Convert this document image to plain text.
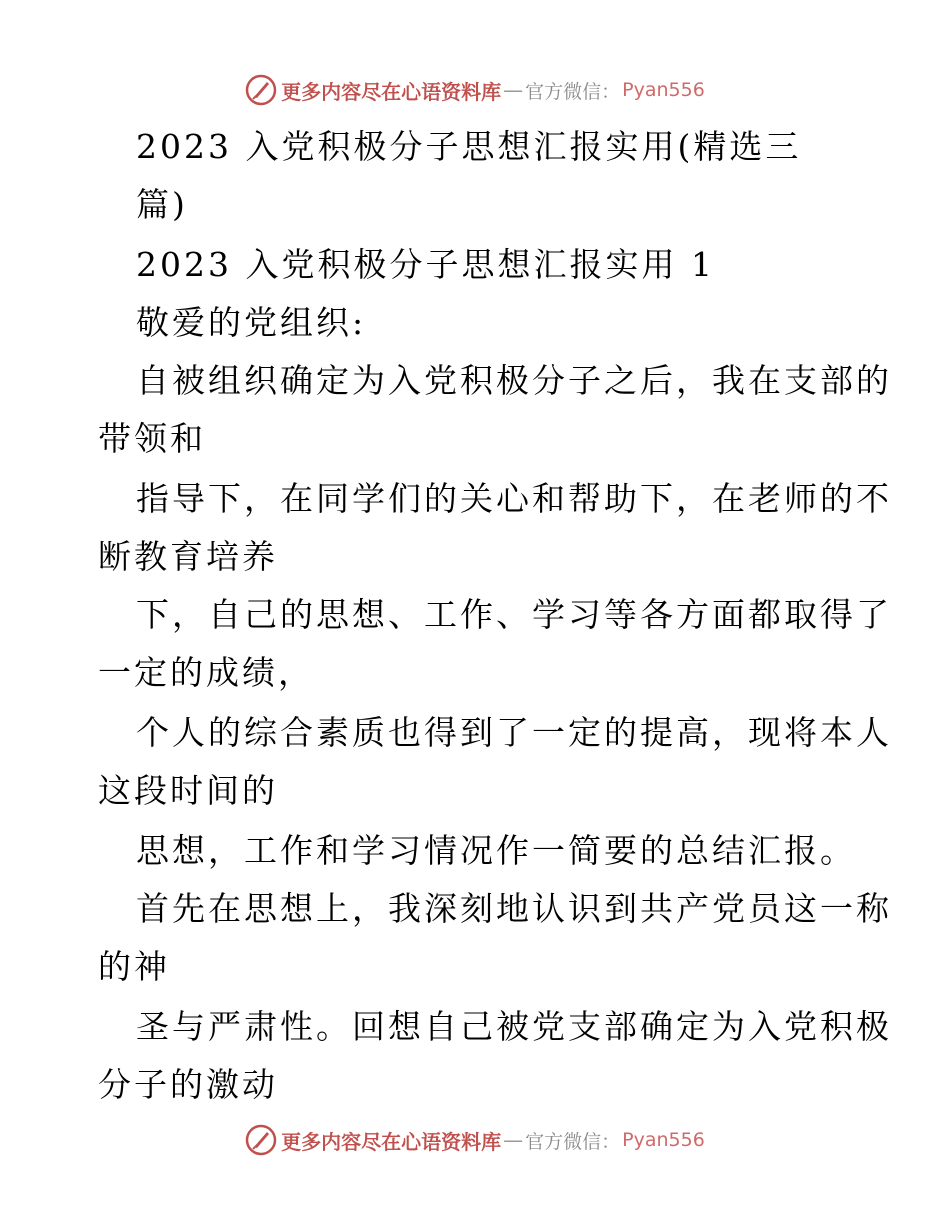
更多内容尽在心语资料库 — 官方微信： Pyan556
2023 入党积极分子思想汇报实用(精选三
篇)
2023 入党积极分子思想汇报实用 1
敬爱的党组织:
自被组织确定为入党积极分子之后，我在支部的
带领和
指导下，在同学们的关心和帮助下，在老师的不
断教育培养
下，自己的思想、工作、学习等各方面都取得了
一定的成绩，
个人的综合素质也得到了一定的提高，现将本人
这段时间的
思想，工作和学习情况作一简要的总结汇报。
首先在思想上，我深刻地认识到共产党员这一称
的神
圣与严肃性。回想自己被党支部确定为入党积极
分子的激动
更多内容尽在心语资料库 — 官方微信： Pyan556
